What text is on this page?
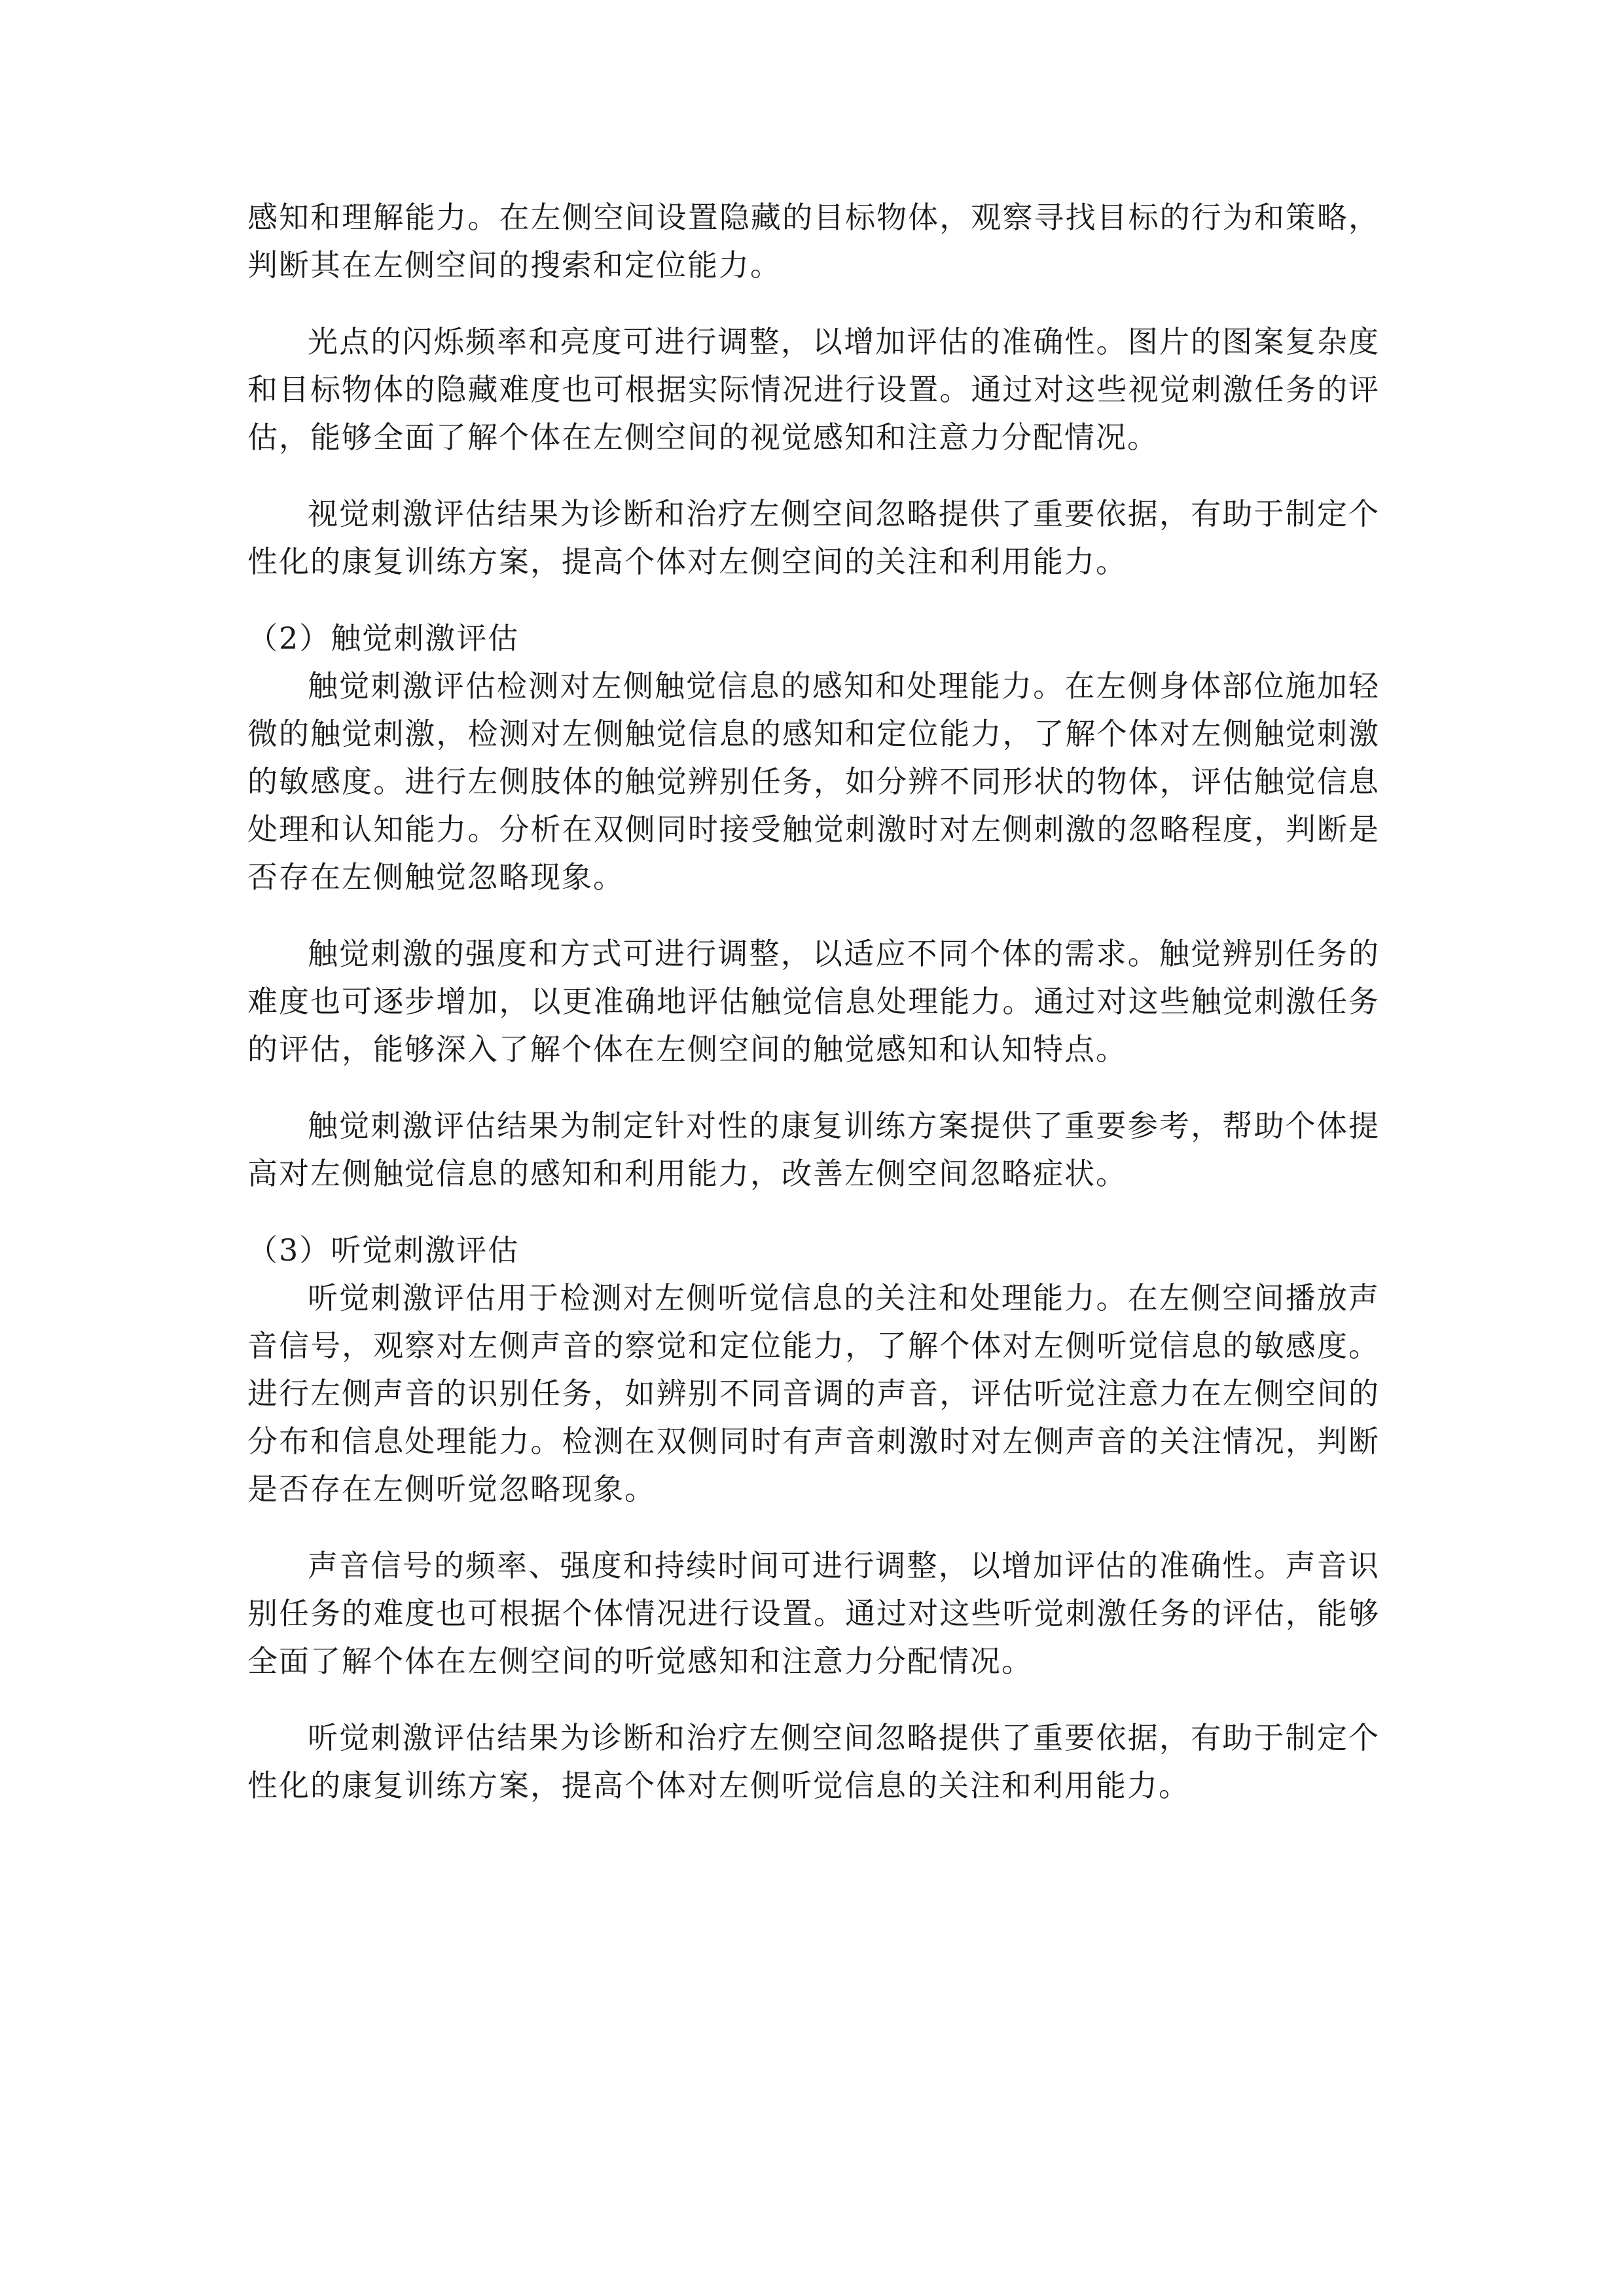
感知和理解能力。在左侧空间设置隐藏的目标物体，观察寻找目标的行为和策略，判断其在左侧空间的搜索和定位能力。

光点的闪烁频率和亮度可进行调整，以增加评估的准确性。图片的图案复杂度和目标物体的隐藏难度也可根据实际情况进行设置。通过对这些视觉刺激任务的评估，能够全面了解个体在左侧空间的视觉感知和注意力分配情况。

视觉刺激评估结果为诊断和治疗左侧空间忽略提供了重要依据，有助于制定个性化的康复训练方案，提高个体对左侧空间的关注和利用能力。

（2）触觉刺激评估

触觉刺激评估检测对左侧触觉信息的感知和处理能力。在左侧身体部位施加轻微的触觉刺激，检测对左侧触觉信息的感知和定位能力，了解个体对左侧触觉刺激的敏感度。进行左侧肢体的触觉辨别任务，如分辨不同形状的物体，评估触觉信息处理和认知能力。分析在双侧同时接受触觉刺激时对左侧刺激的忽略程度，判断是否存在左侧触觉忽略现象。

触觉刺激的强度和方式可进行调整，以适应不同个体的需求。触觉辨别任务的难度也可逐步增加，以更准确地评估触觉信息处理能力。通过对这些触觉刺激任务的评估，能够深入了解个体在左侧空间的触觉感知和认知特点。

触觉刺激评估结果为制定针对性的康复训练方案提供了重要参考，帮助个体提高对左侧触觉信息的感知和利用能力，改善左侧空间忽略症状。

（3）听觉刺激评估

听觉刺激评估用于检测对左侧听觉信息的关注和处理能力。在左侧空间播放声音信号，观察对左侧声音的察觉和定位能力，了解个体对左侧听觉信息的敏感度。进行左侧声音的识别任务，如辨别不同音调的声音，评估听觉注意力在左侧空间的分布和信息处理能力。检测在双侧同时有声音刺激时对左侧声音的关注情况，判断是否存在左侧听觉忽略现象。

声音信号的频率、强度和持续时间可进行调整，以增加评估的准确性。声音识别任务的难度也可根据个体情况进行设置。通过对这些听觉刺激任务的评估，能够全面了解个体在左侧空间的听觉感知和注意力分配情况。

听觉刺激评估结果为诊断和治疗左侧空间忽略提供了重要依据，有助于制定个性化的康复训练方案，提高个体对左侧听觉信息的关注和利用能力。
